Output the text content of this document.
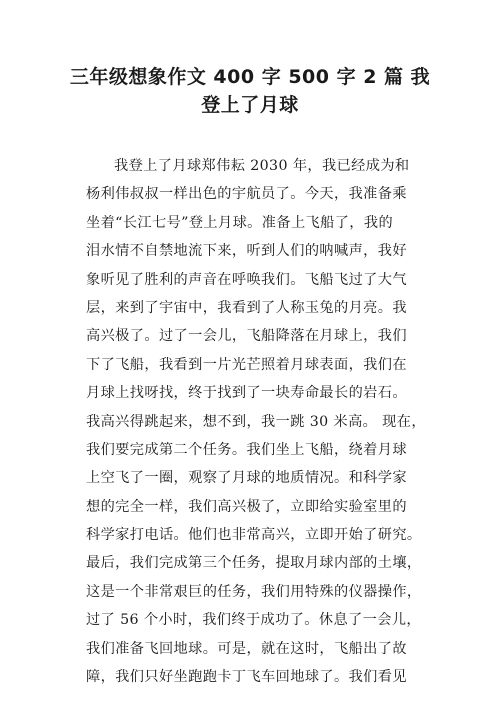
三年级想象作文 400 字 500 字 2 篇 我
登上了月球
我登上了月球郑伟耘 2030 年，我已经成为和
杨利伟叔叔一样出色的宇航员了。今天，我准备乘
坐着“长江七号”登上月球。准备上飞船了，我的
泪水情不自禁地流下来，听到人们的呐喊声，我好
象听见了胜利的声音在呼唤我们。飞船飞过了大气
层，来到了宇宙中，我看到了人称玉兔的月亮。我
高兴极了。过了一会儿，飞船降落在月球上，我们
下了飞船，我看到一片光芒照着月球表面，我们在
月球上找呀找，终于找到了一块寿命最长的岩石。
我高兴得跳起来，想不到，我一跳 30 米高。 现在，
我们要完成第二个任务。我们坐上飞船，绕着月球
上空飞了一圈，观察了月球的地质情况。和科学家
想的完全一样，我们高兴极了，立即给实验室里的
科学家打电话。他们也非常高兴，立即开始了研究。
最后，我们完成第三个任务，提取月球内部的土壤，
这是一个非常艰巨的任务，我们用特殊的仪器操作，
过了 56 个小时，我们终于成功了。休息了一会儿，
我们准备飞回地球。可是，就在这时，飞船出了故
障，我们只好坐跑跑卡丁飞车回地球了。我们看见
